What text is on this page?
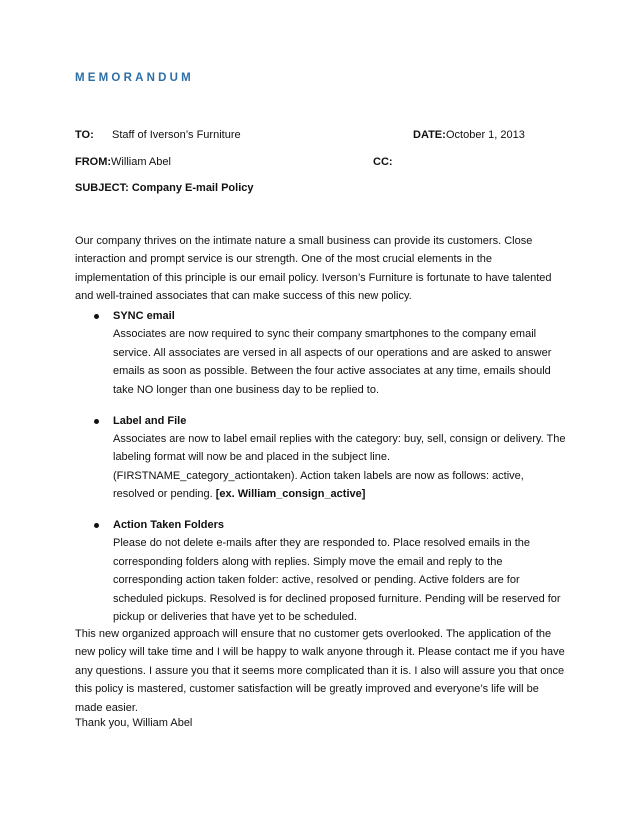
MEMORANDUM
TO: Staff of Iverson’s Furniture	DATE: October 1, 2013
FROM:William Abel	CC:
SUBJECT: Company E-mail Policy

Our company thrives on the intimate nature a small business can provide its customers. Close interaction and prompt service is our strength. One of the most crucial elements in the implementation of this principle is our email policy. Iverson’s Furniture is fortunate to have talented and well-trained associates that can make success of this new policy.

SYNC email
Associates are now required to sync their company smartphones to the company email service. All associates are versed in all aspects of our operations and are asked to answer emails as soon as possible. Between the four active associates at any time, emails should take NO longer than one business day to be replied to.
Label and File
Associates are now to label email replies with the category: buy, sell, consign or delivery. The labeling format will now be and placed in the subject line. (FIRSTNAME_category_actiontaken). Action taken labels are now as follows: active, resolved or pending. [ex. William_consign_active]
Action Taken Folders
Please do not delete e-mails after they are responded to. Place resolved emails in the corresponding folders along with replies. Simply move the email and reply to the corresponding action taken folder: active, resolved or pending. Active folders are for scheduled pickups. Resolved is for declined proposed furniture. Pending will be reserved for pickup or deliveries that have yet to be scheduled.

This new organized approach will ensure that no customer gets overlooked. The application of the new policy will take time and I will be happy to walk anyone through it. Please contact me if you have any questions. I assure you that it seems more complicated than it is. I also will assure you that once this policy is mastered, customer satisfaction will be greatly improved and everyone’s life will be made easier.

Thank you, William Abel
